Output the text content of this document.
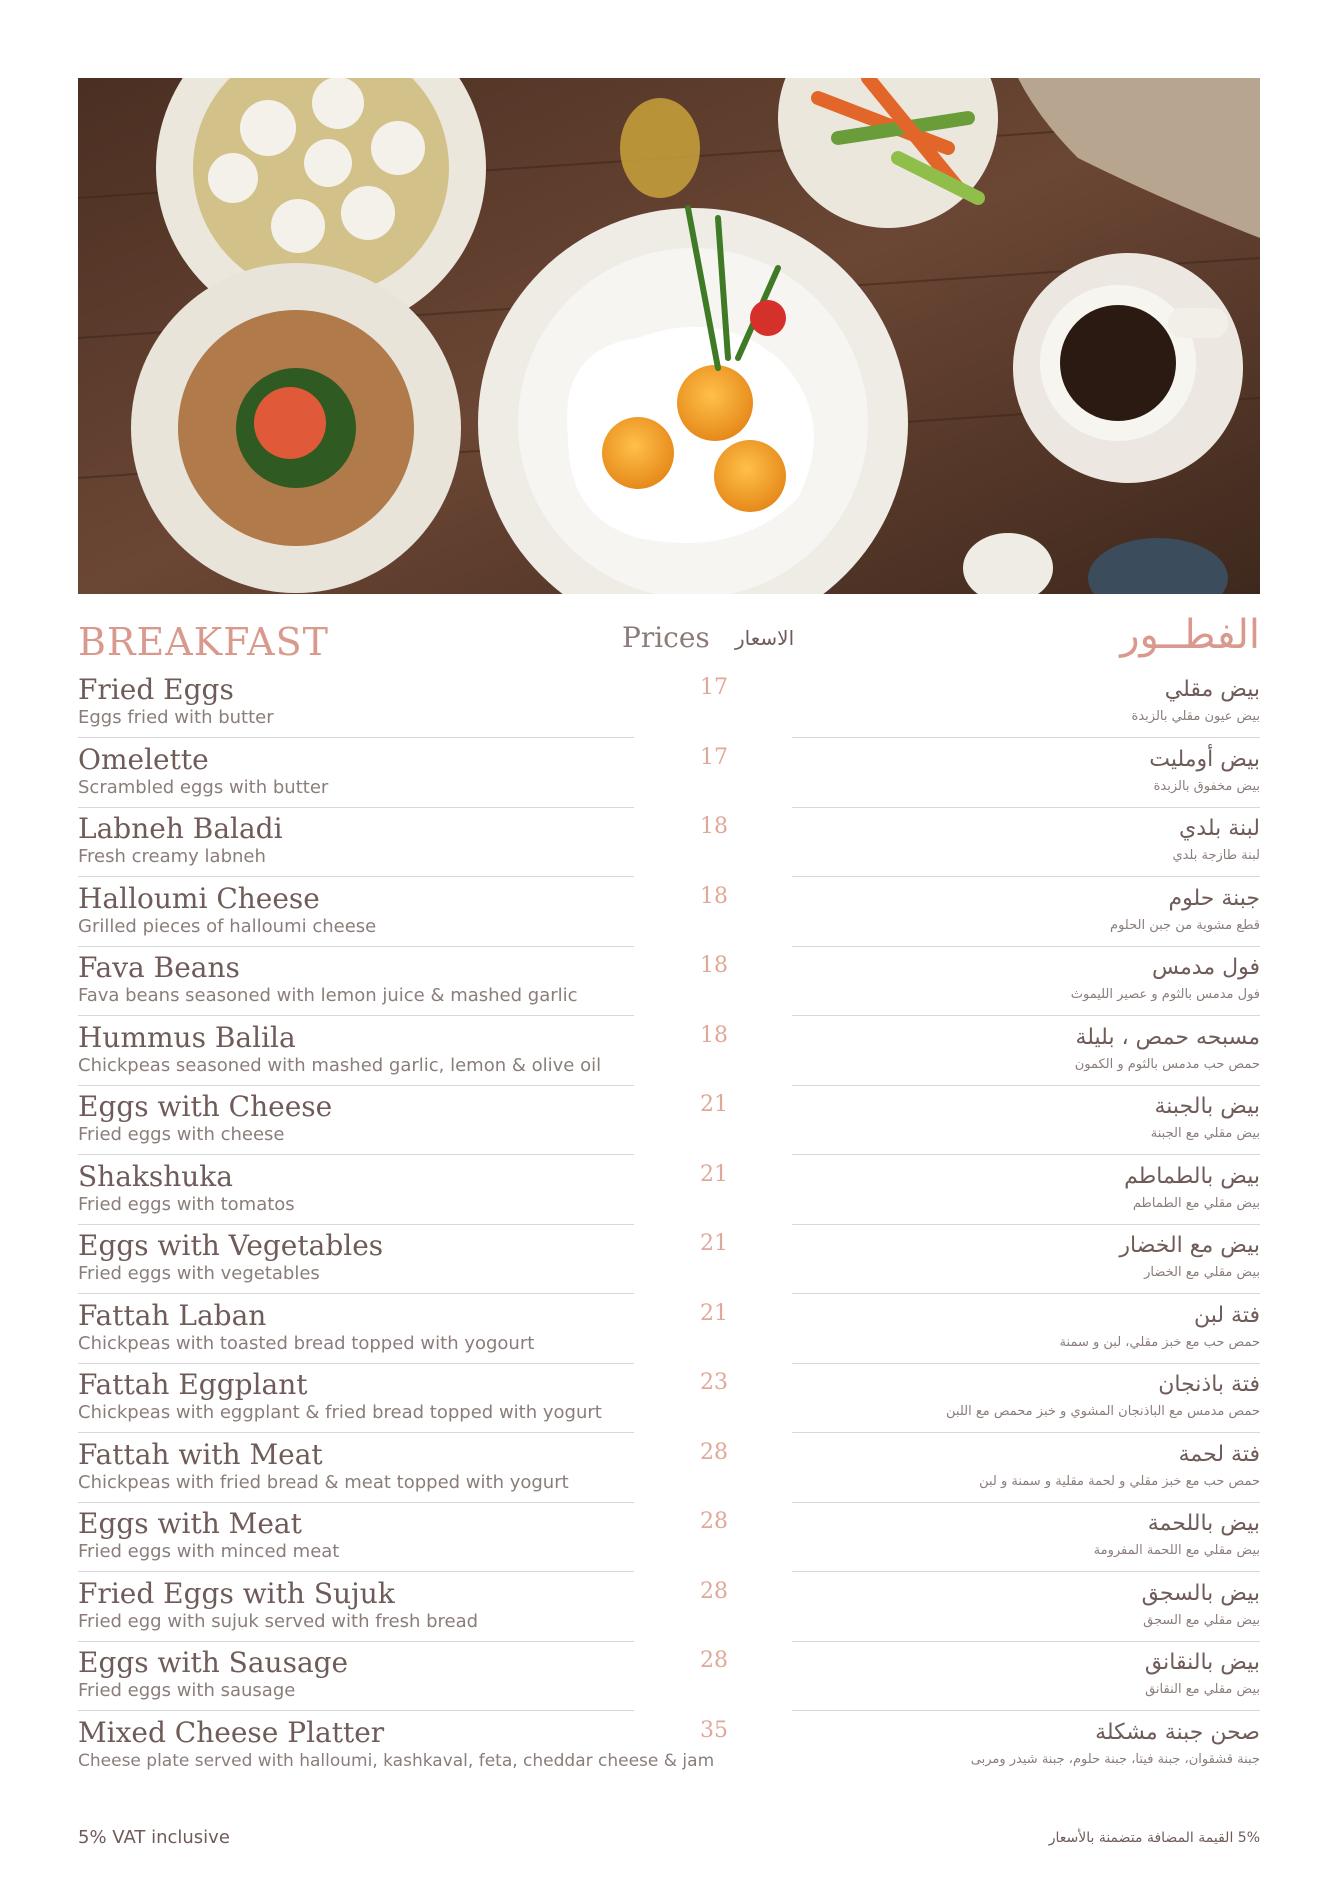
BREAKFAST	Prices الاسعار	الفطــور
Fried Eggs
Eggs fried with butter
17	بيض مقلي
بيض عيون مقلي بالزبدة
Omelette
Scrambled eggs with butter
17	بيض أومليت
بيض مخفوق بالزبدة
Labneh Baladi
Fresh creamy labneh
18	لبنة بلدي
لبنة طازجة بلدي
Halloumi Cheese
Grilled pieces of halloumi cheese
18	جبنة حلوم
قطع مشوية من جبن الحلوم
Fava Beans
Fava beans seasoned with lemon juice & mashed garlic
18	فول مدمس
فول مدمس بالثوم و عصير الليموث
Hummus Balila
Chickpeas seasoned with mashed garlic, lemon & olive oil
18	مسبحه حمص ، بليلة
حمص حب مدمس بالثوم و الكمون
Eggs with Cheese
Fried eggs with cheese
21	بيض بالجبنة
بيض مقلي مع الجبنة
Shakshuka
Fried eggs with tomatos
21	بيض بالطماطم
بيض مقلي مع الطماطم
Eggs with Vegetables
Fried eggs with vegetables
21	بيض مع الخضار
بيض مقلي مع الخضار
Fattah Laban
Chickpeas with toasted bread topped with yogourt
21	فتة لبن
حمص حب مع خبز مقلي، لبن و سمنة
Fattah Eggplant
Chickpeas with eggplant & fried bread topped with yogurt
23	فتة باذنجان
حمص مدمس مع الباذنجان المشوي و خبز محمص مع اللبن
Fattah with Meat
Chickpeas with fried bread & meat topped with yogurt
28	فتة لحمة
حمص حب مع خبز مقلي و لحمة مقلية و سمنة و لبن
Eggs with Meat
Fried eggs with minced meat
28	بيض باللحمة
بيض مقلي مع اللحمة المفرومة
Fried Eggs with Sujuk
Fried egg with sujuk served with fresh bread
28	بيض بالسجق
بيض مقلي مع السجق
Eggs with Sausage
Fried eggs with sausage
28	بيض بالنقانق
بيض مقلي مع النقانق
Mixed Cheese Platter
Cheese plate served with halloumi, kashkaval, feta, cheddar cheese & jam
35	صحن جبنة مشكلة
جبنة قشقوان، جبنة فيتا، جبنة حلوم، جبنة شيدر ومربى
5% VAT inclusive	5% القيمة المضافة متضمنة بالأسعار
